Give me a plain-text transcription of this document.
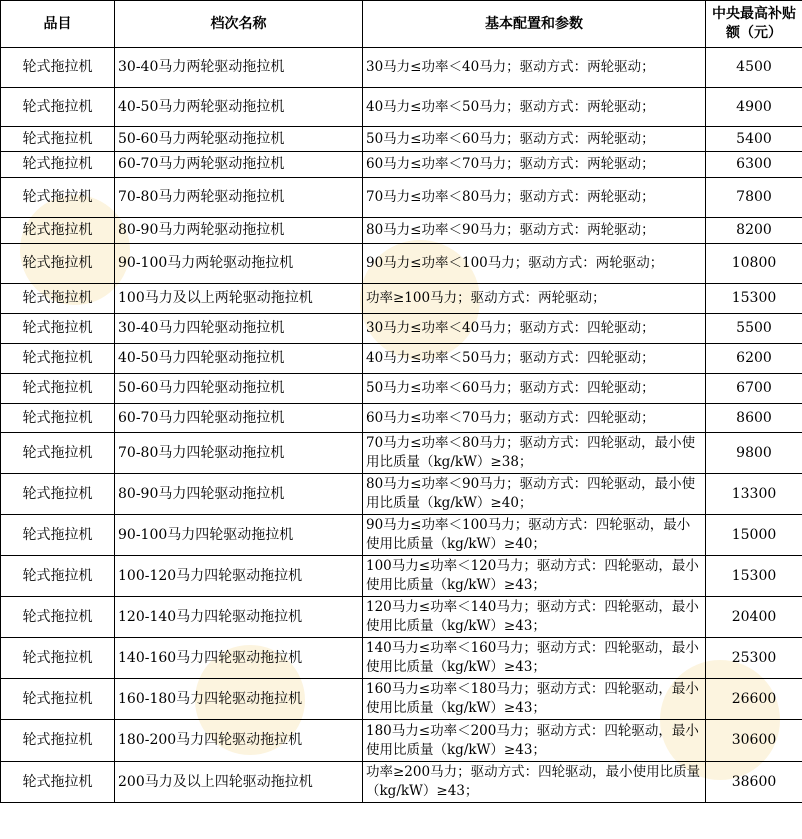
品目	档次名称	基本配置和参数	中央最高补贴额（元）
轮式拖拉机	30-40马力两轮驱动拖拉机	30马力≤功率＜40马力；驱动方式：两轮驱动；	4500
轮式拖拉机	40-50马力两轮驱动拖拉机	40马力≤功率＜50马力；驱动方式：两轮驱动；	4900
轮式拖拉机	50-60马力两轮驱动拖拉机	50马力≤功率＜60马力；驱动方式：两轮驱动；	5400
轮式拖拉机	60-70马力两轮驱动拖拉机	60马力≤功率＜70马力；驱动方式：两轮驱动；	6300
轮式拖拉机	70-80马力两轮驱动拖拉机	70马力≤功率＜80马力；驱动方式：两轮驱动；	7800
轮式拖拉机	80-90马力两轮驱动拖拉机	80马力≤功率＜90马力；驱动方式：两轮驱动；	8200
轮式拖拉机	90-100马力两轮驱动拖拉机	90马力≤功率＜100马力；驱动方式：两轮驱动；	10800
轮式拖拉机	100马力及以上两轮驱动拖拉机	功率≥100马力；驱动方式：两轮驱动；	15300
轮式拖拉机	30-40马力四轮驱动拖拉机	30马力≤功率＜40马力；驱动方式：四轮驱动；	5500
轮式拖拉机	40-50马力四轮驱动拖拉机	40马力≤功率＜50马力；驱动方式：四轮驱动；	6200
轮式拖拉机	50-60马力四轮驱动拖拉机	50马力≤功率＜60马力；驱动方式：四轮驱动；	6700
轮式拖拉机	60-70马力四轮驱动拖拉机	60马力≤功率＜70马力；驱动方式：四轮驱动；	8600
轮式拖拉机	70-80马力四轮驱动拖拉机	70马力≤功率＜80马力；驱动方式：四轮驱动，最小使用比质量（kg/kW）≥38；	9800
轮式拖拉机	80-90马力四轮驱动拖拉机	80马力≤功率＜90马力；驱动方式：四轮驱动，最小使用比质量（kg/kW）≥40；	13300
轮式拖拉机	90-100马力四轮驱动拖拉机	90马力≤功率＜100马力；驱动方式：四轮驱动，最小使用比质量（kg/kW）≥40；	15000
轮式拖拉机	100-120马力四轮驱动拖拉机	100马力≤功率＜120马力；驱动方式：四轮驱动，最小使用比质量（kg/kW）≥43；	15300
轮式拖拉机	120-140马力四轮驱动拖拉机	120马力≤功率＜140马力；驱动方式：四轮驱动，最小使用比质量（kg/kW）≥43；	20400
轮式拖拉机	140-160马力四轮驱动拖拉机	140马力≤功率＜160马力；驱动方式：四轮驱动，最小使用比质量（kg/kW）≥43；	25300
轮式拖拉机	160-180马力四轮驱动拖拉机	160马力≤功率＜180马力；驱动方式：四轮驱动，最小使用比质量（kg/kW）≥43；	26600
轮式拖拉机	180-200马力四轮驱动拖拉机	180马力≤功率＜200马力；驱动方式：四轮驱动，最小使用比质量（kg/kW）≥43；	30600
轮式拖拉机	200马力及以上四轮驱动拖拉机	功率≥200马力；驱动方式：四轮驱动，最小使用比质量（kg/kW）≥43；	38600
